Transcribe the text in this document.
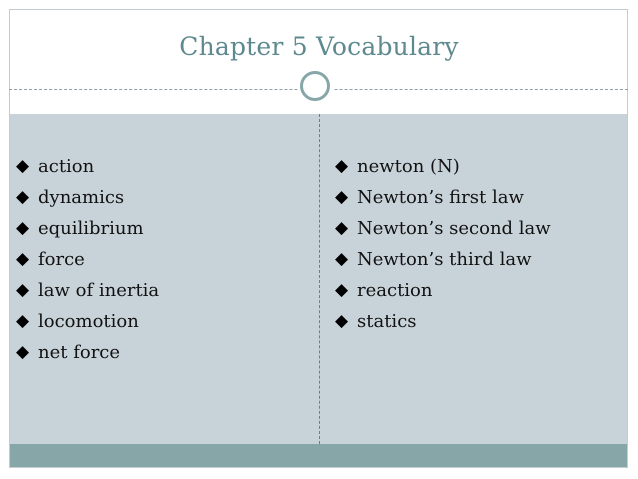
Chapter 5 Vocabulary
◆ action
◆ dynamics
◆ equilibrium
◆ force
◆ law of inertia
◆ locomotion
◆ net force
◆ newton (N)
◆ Newton’s first law
◆ Newton’s second law
◆ Newton’s third law
◆ reaction
◆ statics
